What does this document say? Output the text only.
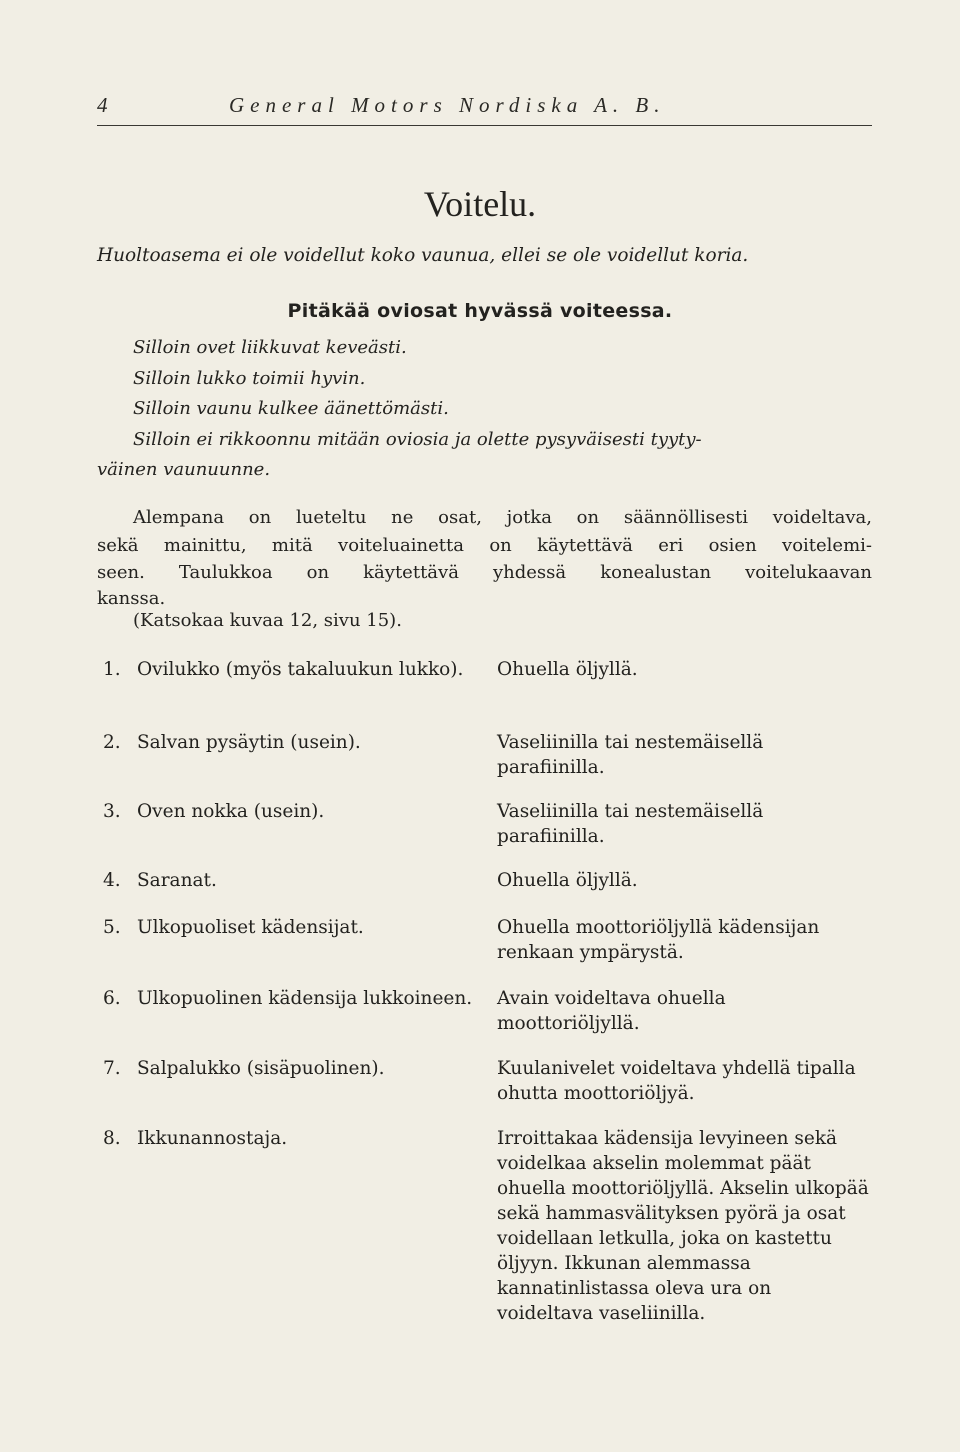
4	General Motors Nordiska A. B.
Voitelu.
Huoltoasema ei ole voidellut koko vaunua, ellei se ole voidellut koria.
Pitäkää oviosat hyvässä voiteessa.
Silloin ovet liikkuvat keveästi.
Silloin lukko toimii hyvin.
Silloin vaunu kulkee äänettömästi.
Silloin ei rikkoonnu mitään oviosia ja olette pysyväisesti tyyty-
väinen vaunuunne.
Alempana on lueteltu ne osat, jotka on säännöllisesti voideltava,
sekä mainittu, mitä voiteluainetta on käytettävä eri osien voitelemi-
seen. Taulukkoa on käytettävä yhdessä konealustan voitelukaavan
kanssa.
(Katsokaa kuvaa 12, sivu 15).
1. Ovilukko (myös takaluukun lukko).	Ohuella öljyllä.
2. Salvan pysäytin (usein).	Vaseliinilla tai nestemäisellä parafiinilla.
3. Oven nokka (usein).	Vaseliinilla tai nestemäisellä parafiinilla.
4. Saranat.	Ohuella öljyllä.
5. Ulkopuoliset kädensijat.	Ohuella moottoriöljyllä kädensijan renkaan ympärystä.
6. Ulkopuolinen kädensija lukkoineen.	Avain voideltava ohuella moottoriöljyllä.
7. Salpalukko (sisäpuolinen).	Kuulanivelet voideltava yhdellä tipalla ohutta moottoriöljyä.
8. Ikkunannostaja.	Irroittakaa kädensija levyineen sekä voidelkaa akselin molemmat päät ohuella moottoriöljyllä. Akselin ulkopää sekä hammasvälityksen pyörä ja osat voidellaan letkulla, joka on kastettu öljyyn. Ikkunan alemmassa kannatinlistassa oleva ura on voideltava vaseliinilla.
